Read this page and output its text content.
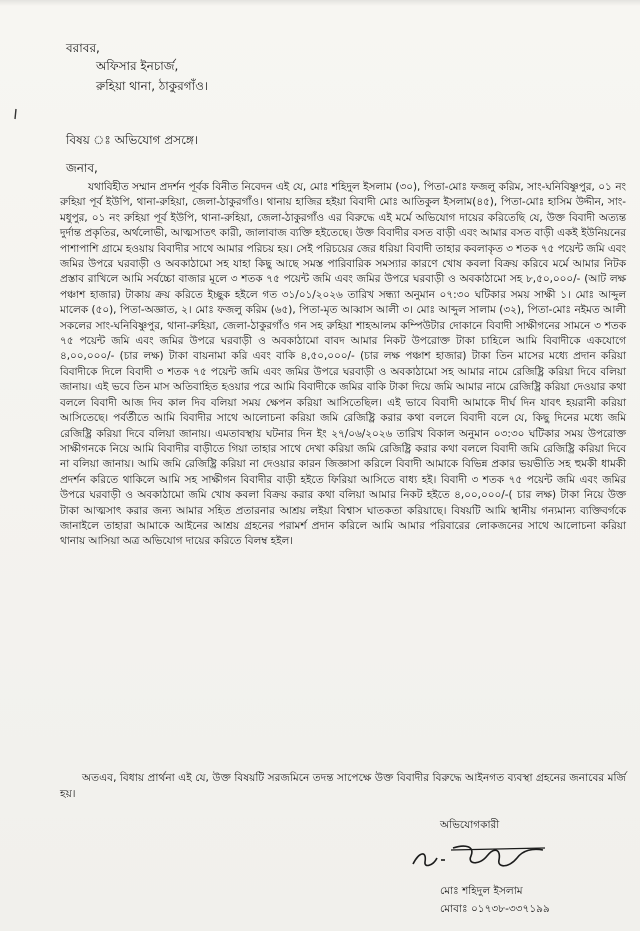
বরাবর,
অফিসার ইনচার্জ,
রুহিয়া থানা, ঠাকুরগাঁও।
বিষয় ঃ অভিযোগ প্রসঙ্গে।
জনাব,
যথাবিহীত সম্মান প্রদর্শন পূর্বক বিনীত নিবেদন এই যে, মোঃ শহিদুল ইসলাম (৩০), পিতা-মোঃ ফজলু করিম, সাং-ঘনিবিষ্ণুপুর, ০১ নং রুহিয়া পূর্ব ইউপি, থানা-রুহিয়া, জেলা-ঠাকুরগাঁও। থানায় হাজির হইয়া বিবাদী মোঃ আতিকুল ইসলাম(৪৫), পিতা-মোঃ হাসিম উদ্দীন, সাং-মধুপুর, ০১ নং রুহিয়া পূর্ব ইউপি, থানা-রুহিয়া, জেলা-ঠাকুরগাঁও এর বিরুদ্ধে এই মর্মে অভিযোগ দায়ের করিতেছি যে, উক্ত বিবাদী অত্যন্ত দুর্দান্ত প্রকৃতির, অর্থলোভী, আত্মসাতৎ কারী, জালাবাজ ব্যক্তি হইতেছে। উক্ত বিবাদীর বসত বাড়ী এবং আমার বসত বাড়ী একই ইউনিয়নের পাশাপাশি গ্রামে হওয়ায় বিবাদীর সাথে আমার পরিচয় হয়। সেই পরিচয়ের জের ধরিয়া বিবাদী তাহার কবলাকৃত ৩ শতক ৭৫ পয়েন্ট জমি এবং জমির উপরে ঘরবাড়ী ও অবকাঠামো সহ যাহা কিছু আছে সমস্ত পারিবারিক সমস্যার কারণে খোষ কবলা বিক্রয় করিবে মর্মে আমার নিটক প্রস্তাব রাখিলে আমি সর্বচ্চো বাজার মূলে ৩ শতক ৭৫ পয়েন্ট জমি এবং জমির উপরে ঘরবাড়ী ও অবকাঠামো সহ ৮,৫০,০০০/- (আট লক্ষ পঞ্চাশ হাজার) টাকায় ক্রয় করিতে ইচ্ছুক হইলে গত ৩১/০১/২০২৬ তারিখ সন্ধ্যা অনুমান ০৭:৩০ ঘটিকার সময় সাক্ষী ১। মোঃ আব্দুল মালেক (৫০), পিতা-অজ্ঞাত, ২। মোঃ ফজলু করিম (৬৫), পিতা-মৃত আব্বাস আলী ৩। মোঃ আব্দুল সালাম (৩২), পিতা-মোঃ নইমত আলী সকলের সাং-ঘনিবিষ্ণুপুর, থানা-রুহিয়া, জেলা-ঠাকুরগাঁও গন সহ রুহিয়া শাহআলম কম্পিউটার দোকানে বিবাদী সাক্ষীগনের সামনে ৩ শতক ৭৫ পয়েন্ট জমি এবং জমির উপরে ঘরবাড়ী ও অবকাঠামো বাবদ আমার নিকট উপরোক্ত টাকা চাহিলে আমি বিবাদীকে একযোগে ৪,০০,০০০/- (চার লক্ষ) টাকা বায়নামা করি এবং বাকি ৪,৫০,০০০/- (চার লক্ষ পঞ্চাশ হাজার) টাকা তিন মাসের মধ্যে প্রদান করিয়া বিবাদীকে দিলে বিবাদী ৩ শতক ৭৫ পয়েন্ট জমি এবং জমির উপরে ঘরবাড়ী ও অবকাঠামো সহ আমার নামে রেজিষ্ট্রি করিয়া দিবে বলিয়া জানায়। এই ভবে তিন মাস অতিবাহিত হওয়ার পরে আমি বিবাদীকে জমির বাকি টাকা দিয়ে জমি আমার নামে রেজিষ্ট্রি করিয়া দেওয়ার কথা বললে বিবাদী আজ দিব কাল দিব বলিয়া সময় ক্ষেপন করিয়া আসিতেছিল। এই ভাবে বিবাদী আমাকে দীর্ঘ দিন যাবৎ হয়রানী করিয়া আসিতেছে। পর্বর্তীতে আমি বিবাদীর সাথে আলোচনা করিয়া জমি রেজিষ্ট্রি করার কথা বললে বিবাদী বলে যে, কিছু দিনের মধ্যে জমি রেজিষ্ট্রি করিয়া দিবে বলিয়া জানায়। এমতাবস্থায় ঘটনার দিন ইং ২৭/০৬/২০২৬ তারিখ বিকাল অনুমান ০৩:৩০ ঘটিকার সময় উপরোক্ত সাক্ষীগনকে নিয়ে আমি বিবাদীর বাড়ীতে গিয়া তাহার সাথে দেখা করিয়া জমি রেজিষ্ট্রি করার কথা বললে বিবাদী জমি রেজিষ্ট্রি করিয়া দিবে না বলিয়া জানায়। আমি জমি রেজিষ্ট্রি করিয়া না দেওয়ার কারন জিজ্ঞাসা করিলে বিবাদী আমাকে বিভিন্ন প্রকার ভয়ভীতি সহ হুমকী ধামকী প্রদর্শন করিতে থাকিলে আমি সহ সাক্ষীগন বিবাদীর বাড়ী হইতে ফিরিয়া আসিতে বাধ্য হই। বিবাদী ৩ শতক ৭৫ পয়েন্ট জমি এবং জমির উপরে ঘরবাড়ী ও অবকাঠামো জমি খোষ কবলা বিক্রয় করার কথা বলিয়া আমার নিকট হইতে ৪,০০,০০০/-( চার লক্ষ) টাকা নিয়ে উক্ত টাকা আত্মসাৎ করার জন্য আমার সহিত প্রতারনার আশ্রয় লইয়া বিশ্বাস ঘাতকতা করিয়াছে। বিষয়টি আমি স্থানীয় গন্যমান্য ব্যক্তিবর্গকে জানাইলে তাহারা আমাকে আইনের আশ্রয় গ্রহনের পরামর্শ প্রদান করিলে আমি আমার পরিবারের লোকজনের সাথে আলোচনা করিয়া থানায় আসিয়া অত্র অভিযোগ দায়ের করিতে বিলম্ব হইল।
অতএব, বিধায় প্রার্থনা এই যে, উক্ত বিষয়টি সরজমিনে তদন্ত সাপেক্ষে উক্ত বিবাদীর বিরুদ্ধে আইনগত ব্যবস্থা গ্রহনের জনাবের মর্জি হয়।
অভিযোগকারী
মোঃ শহিদুল ইসলাম
মোবাঃ ০১৭৩৮-৩৩৭১৯৯
